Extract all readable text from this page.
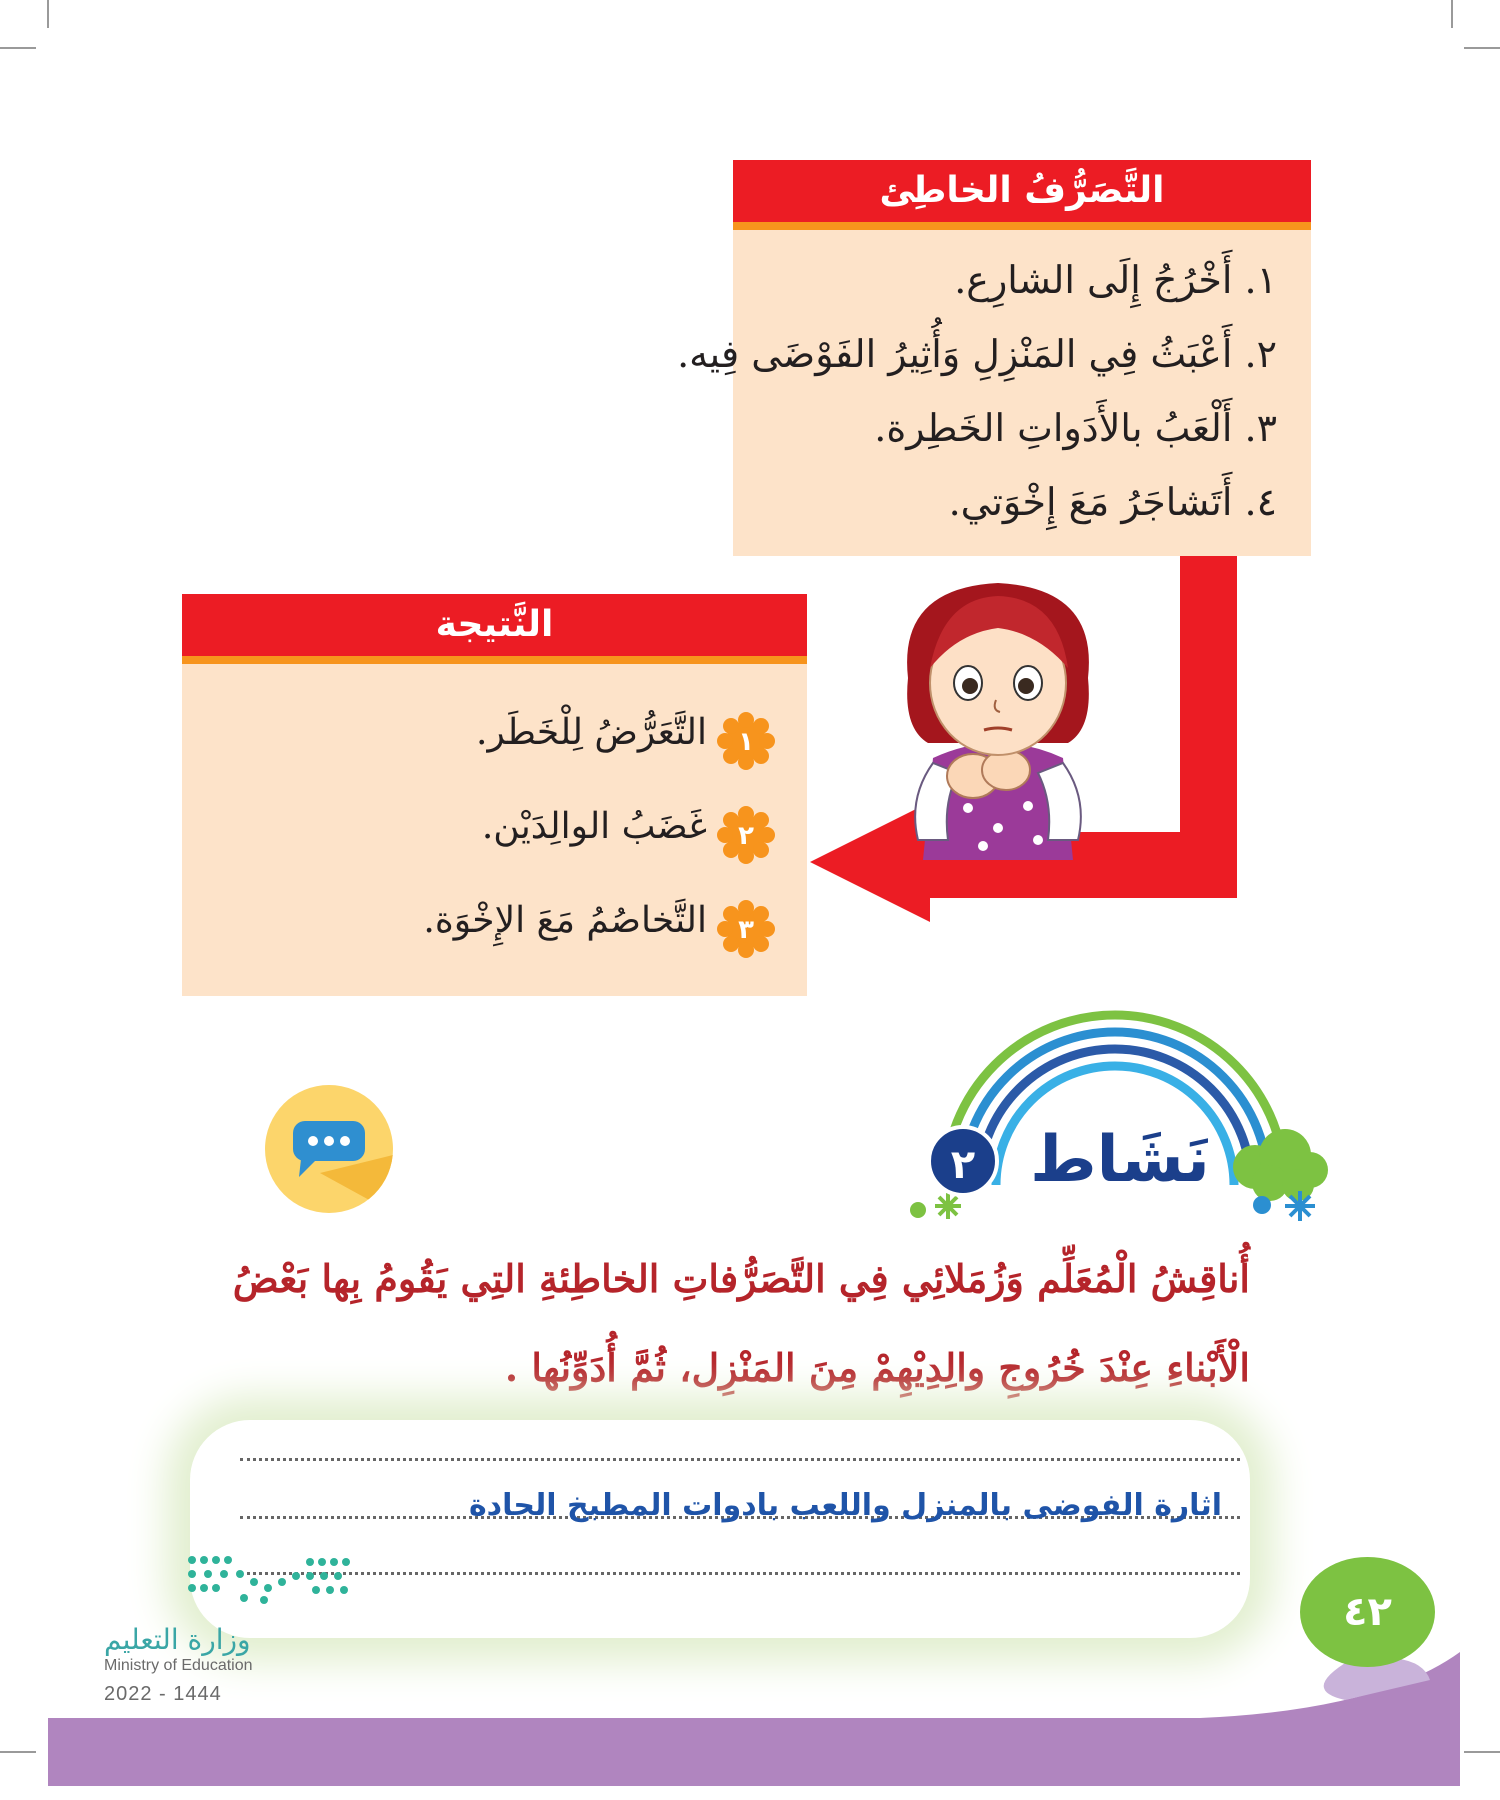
التَّصَرُّفُ الخاطِئ
١. أَخْرُجُ إِلَى الشارِع.
٢. أَعْبَثُ فِي المَنْزِلِ وَأُثِيرُ الفَوْضَى فِيه.
٣. أَلْعَبُ بالأَدَواتِ الخَطِرة.
٤. أَتَشاجَرُ مَعَ إِخْوَتي.
النَّتيجة
١
التَّعَرُّضُ لِلْخَطَر.
٢
غَضَبُ الوالِدَيْن.
٣
التَّخاصُمُ مَعَ الإِخْوَة.
نَشَاط
٢
أُناقِشُ الْمُعَلِّم وَزُمَلائِي فِي التَّصَرُّفاتِ الخاطِئةِ التِي يَقُومُ بِها بَعْضُ
الْأَبْناءِ عِنْدَ خُرُوجِ والِدِيْهِمْ مِنَ المَنْزِل، ثُمَّ أُدَوِّنُها .
اثارة الفوضى بالمنزل واللعب بادوات المطبخ الحادة
٤٢
وزارة التعليم
Ministry of Education
2022 - 1444
